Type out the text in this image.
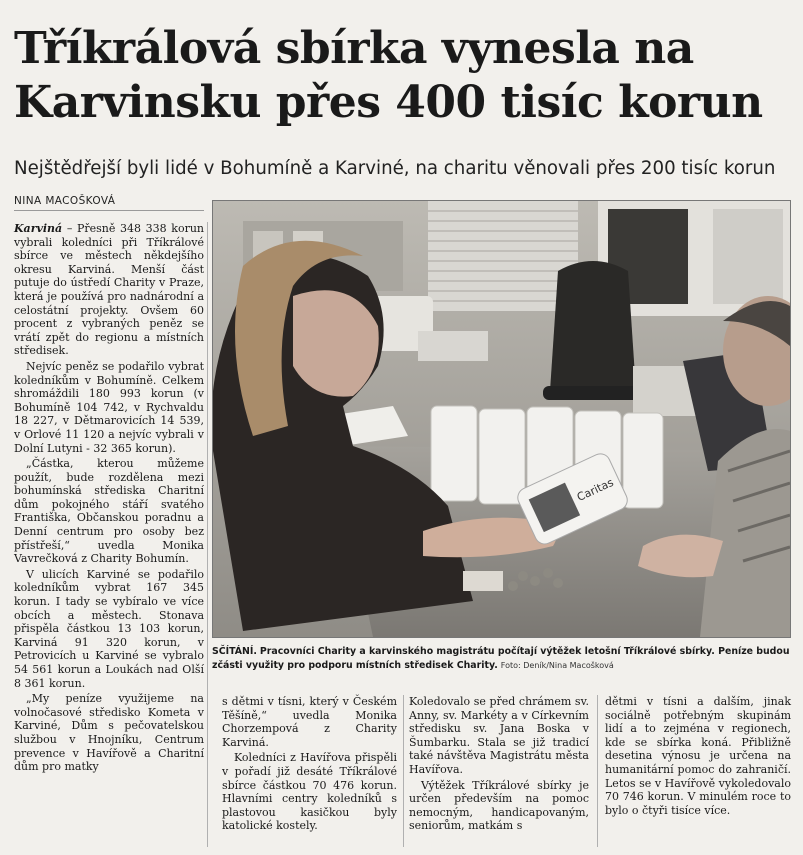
Tříkrálová sbírka vynesla na
Karvinsku přes 400 tisíc korun
Nejštědřejší byli lidé v Bohumíně a Karviné, na charitu věnovali přes 200 tisíc korun
NINA MACOŠKOVÁ

Karviná – Přesně 348 338 korun vybrali koledníci při Tříkrálové sbírce ve městech někdejšího okresu Karviná. Menší část putuje do ústředí Charity v Praze, která je používá pro nadnárodní a celostátní projekty. Ovšem 60 procent z vybraných peněz se vrátí zpět do regionu a místních středisek.

Nejvíc peněz se podařilo vybrat koledníkům v Bohumíně. Celkem shromáždili 180 993 korun (v Bohumíně 104 742, v Rychvaldu 18 227, v Dětmarovicích 14 539, v Orlové 11 120 a nejvíc vybrali v Dolní Lutyni - 32 365 korun).

„Částka, kterou můžeme použít, bude rozdělena mezi bohumínská střediska Charitní dům pokojného stáří svatého Františka, Občanskou poradnu a Denní centrum pro osoby bez přístřeší,“ uvedla Monika Vavrečková z Charity Bohumín.

V ulicích Karviné se podařilo koledníkům vybrat 167 345 korun. I tady se vybíralo ve více obcích a městech. Stonava přispěla částkou 13 103 korun, Karviná 91 320 korun, v Petrovicích u Karviné se vybralo 54 561 korun a Loukách nad Olší 8 361 korun.

„My peníze využijeme na volnočasové středisko Kometa v Karviné, Dům s pečovatelskou službou v Hnojníku, Centrum prevence v Havířově a Charitní dům pro matky

Caritas
SČÍTÁNÍ. Pracovníci Charity a karvinského magistrátu počítají výtěžek letošní Tříkrálové sbírky. Peníze budou zčásti využity pro podporu místních středisek Charity. Foto: Deník/Nina Macošková

s dětmi v tísni, který v Českém Těšíně,“ uvedla Monika Chorzempová z Charity Karviná.

Koledníci z Havířova přispěli v pořadí již desáté Tříkrálové sbírce částkou 70 476 korun. Hlavními centry koledníků s plastovou kasičkou byly katolické kostely.

Koledovalo se před chrámem sv. Anny, sv. Markéty a v Církevním středisku sv. Jana Boska v Šumbarku. Stala se již tradicí také návštěva Magistrátu města Havířova.

Výtěžek Tříkrálové sbírky je určen především na pomoc nemocným, handicapovaným, seniorům, matkám s

dětmi v tísni a dalším, jinak sociálně potřebným skupinám lidí a to zejména v regionech, kde se sbírka koná. Přibližně desetina výnosu je určena na humanitární pomoc do zahraničí. Letos se v Havířově vykoledovalo 70 746 korun. V minulém roce to bylo o čtyři tisíce více.
